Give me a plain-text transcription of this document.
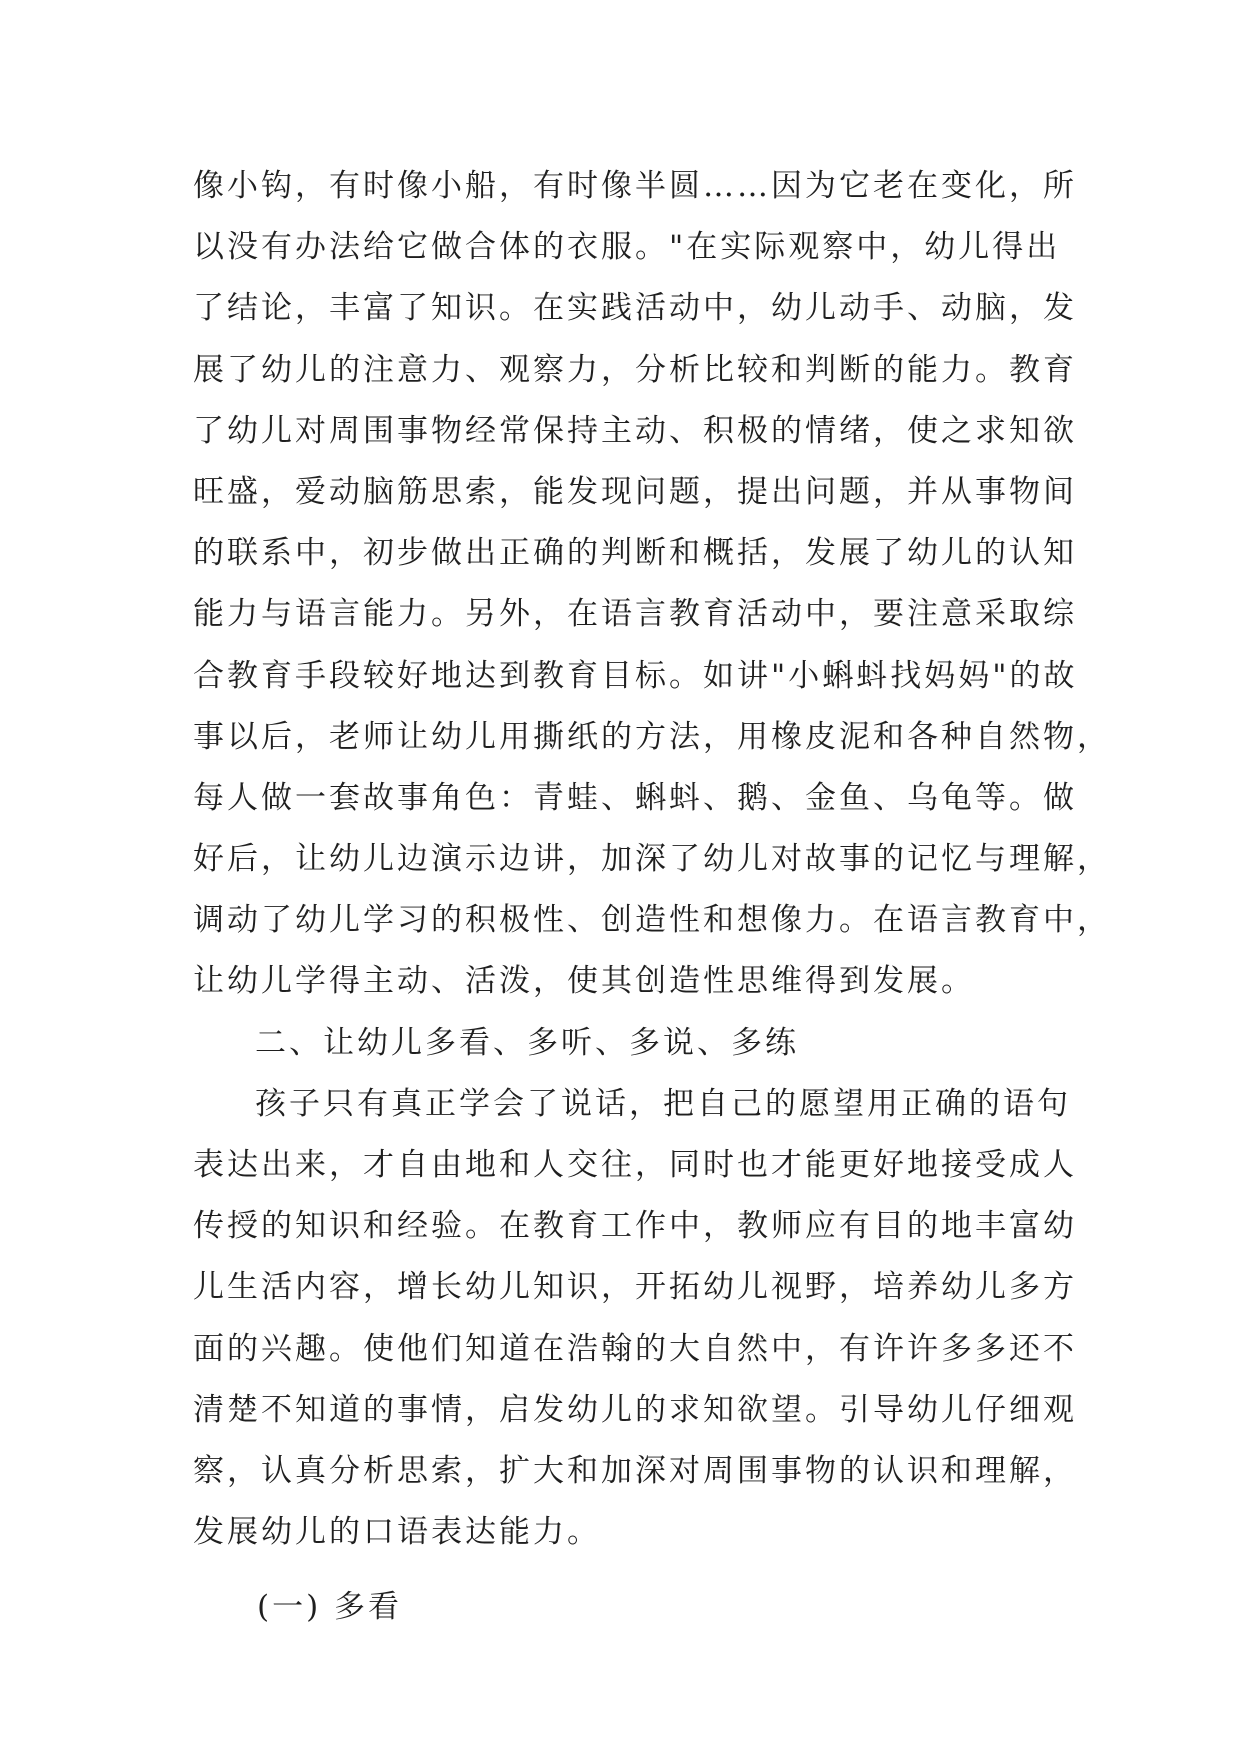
像小钩，有时像小船，有时像半圆……因为它老在变化，所
以没有办法给它做合体的衣服。"在实际观察中，幼儿得出
了结论，丰富了知识。在实践活动中，幼儿动手、动脑，发
展了幼儿的注意力、观察力，分析比较和判断的能力。教育
了幼儿对周围事物经常保持主动、积极的情绪，使之求知欲
旺盛，爱动脑筋思索，能发现问题，提出问题，并从事物间
的联系中，初步做出正确的判断和概括，发展了幼儿的认知
能力与语言能力。另外，在语言教育活动中，要注意采取综
合教育手段较好地达到教育目标。如讲"小蝌蚪找妈妈"的故
事以后，老师让幼儿用撕纸的方法，用橡皮泥和各种自然物，
每人做一套故事角色：青蛙、蝌蚪、鹅、金鱼、乌龟等。做
好后，让幼儿边演示边讲，加深了幼儿对故事的记忆与理解，
调动了幼儿学习的积极性、创造性和想像力。在语言教育中，
让幼儿学得主动、活泼，使其创造性思维得到发展。
二、让幼儿多看、多听、多说、多练
孩子只有真正学会了说话，把自己的愿望用正确的语句
表达出来，才自由地和人交往，同时也才能更好地接受成人
传授的知识和经验。在教育工作中，教师应有目的地丰富幼
儿生活内容，增长幼儿知识，开拓幼儿视野，培养幼儿多方
面的兴趣。使他们知道在浩翰的大自然中，有许许多多还不
清楚不知道的事情，启发幼儿的求知欲望。引导幼儿仔细观
察，认真分析思索，扩大和加深对周围事物的认识和理解，
发展幼儿的口语表达能力。
(一) 多看
